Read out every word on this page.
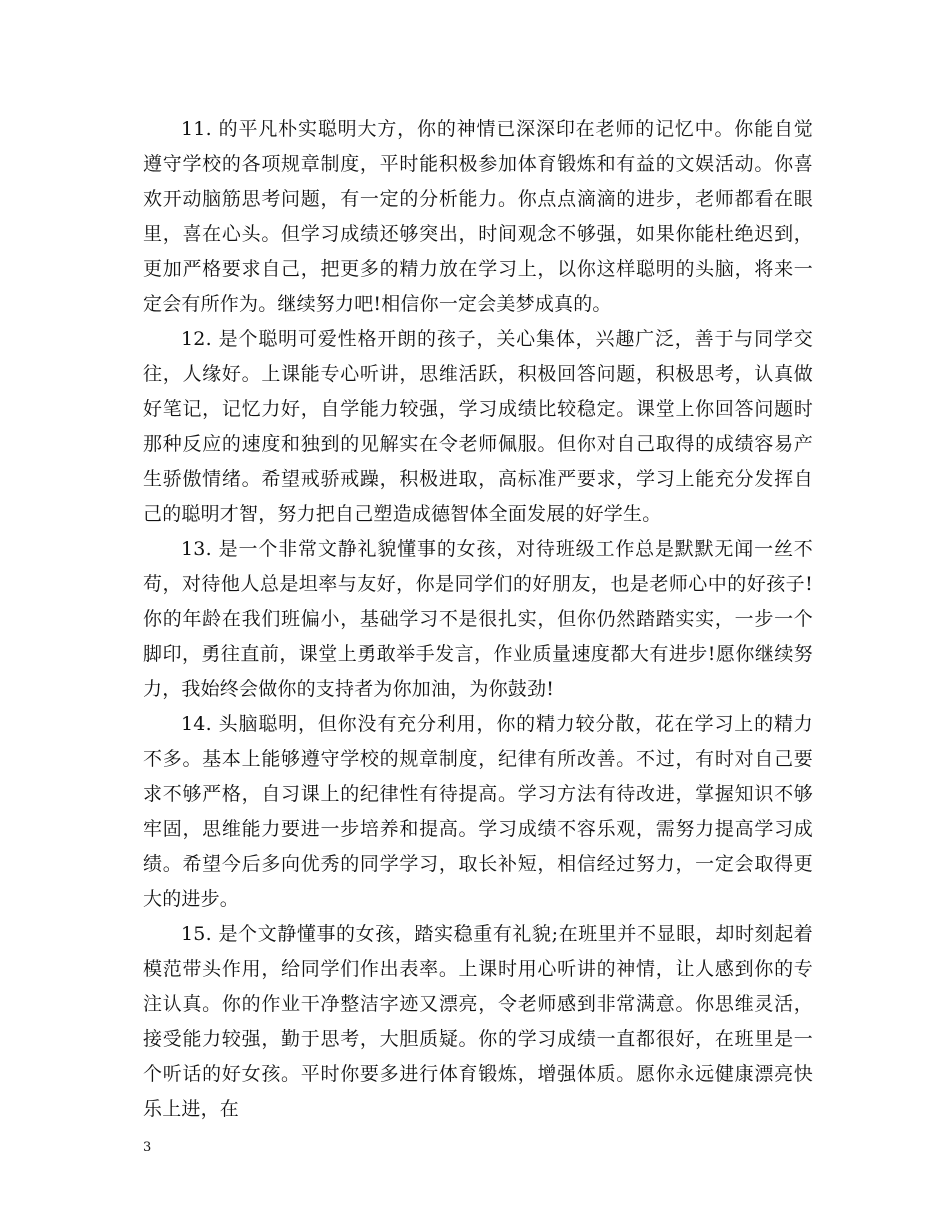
11. 的平凡朴实聪明大方，你的神情已深深印在老师的记忆中。你能自觉遵守学校的各项规章制度，平时能积极参加体育锻炼和有益的文娱活动。你喜欢开动脑筋思考问题，有一定的分析能力。你点点滴滴的进步，老师都看在眼里，喜在心头。但学习成绩还够突出，时间观念不够强，如果你能杜绝迟到，更加严格要求自己，把更多的精力放在学习上，以你这样聪明的头脑，将来一定会有所作为。继续努力吧!相信你一定会美梦成真的。

12. 是个聪明可爱性格开朗的孩子，关心集体，兴趣广泛，善于与同学交往，人缘好。上课能专心听讲，思维活跃，积极回答问题，积极思考，认真做好笔记，记忆力好，自学能力较强，学习成绩比较稳定。课堂上你回答问题时那种反应的速度和独到的见解实在令老师佩服。但你对自己取得的成绩容易产生骄傲情绪。希望戒骄戒躁，积极进取，高标准严要求，学习上能充分发挥自己的聪明才智，努力把自己塑造成德智体全面发展的好学生。

13. 是一个非常文静礼貌懂事的女孩，对待班级工作总是默默无闻一丝不苟，对待他人总是坦率与友好，你是同学们的好朋友，也是老师心中的好孩子!你的年龄在我们班偏小，基础学习不是很扎实，但你仍然踏踏实实，一步一个脚印，勇往直前，课堂上勇敢举手发言，作业质量速度都大有进步!愿你继续努力，我始终会做你的支持者为你加油，为你鼓劲!

14. 头脑聪明，但你没有充分利用，你的精力较分散，花在学习上的精力不多。基本上能够遵守学校的规章制度，纪律有所改善。不过，有时对自己要求不够严格，自习课上的纪律性有待提高。学习方法有待改进，掌握知识不够牢固，思维能力要进一步培养和提高。学习成绩不容乐观，需努力提高学习成绩。希望今后多向优秀的同学学习，取长补短，相信经过努力，一定会取得更大的进步。

15. 是个文静懂事的女孩，踏实稳重有礼貌;在班里并不显眼，却时刻起着模范带头作用，给同学们作出表率。上课时用心听讲的神情，让人感到你的专注认真。你的作业干净整洁字迹又漂亮，令老师感到非常满意。你思维灵活，接受能力较强，勤于思考，大胆质疑。你的学习成绩一直都很好，在班里是一个听话的好女孩。平时你要多进行体育锻炼，增强体质。愿你永远健康漂亮快乐上进，在

3
